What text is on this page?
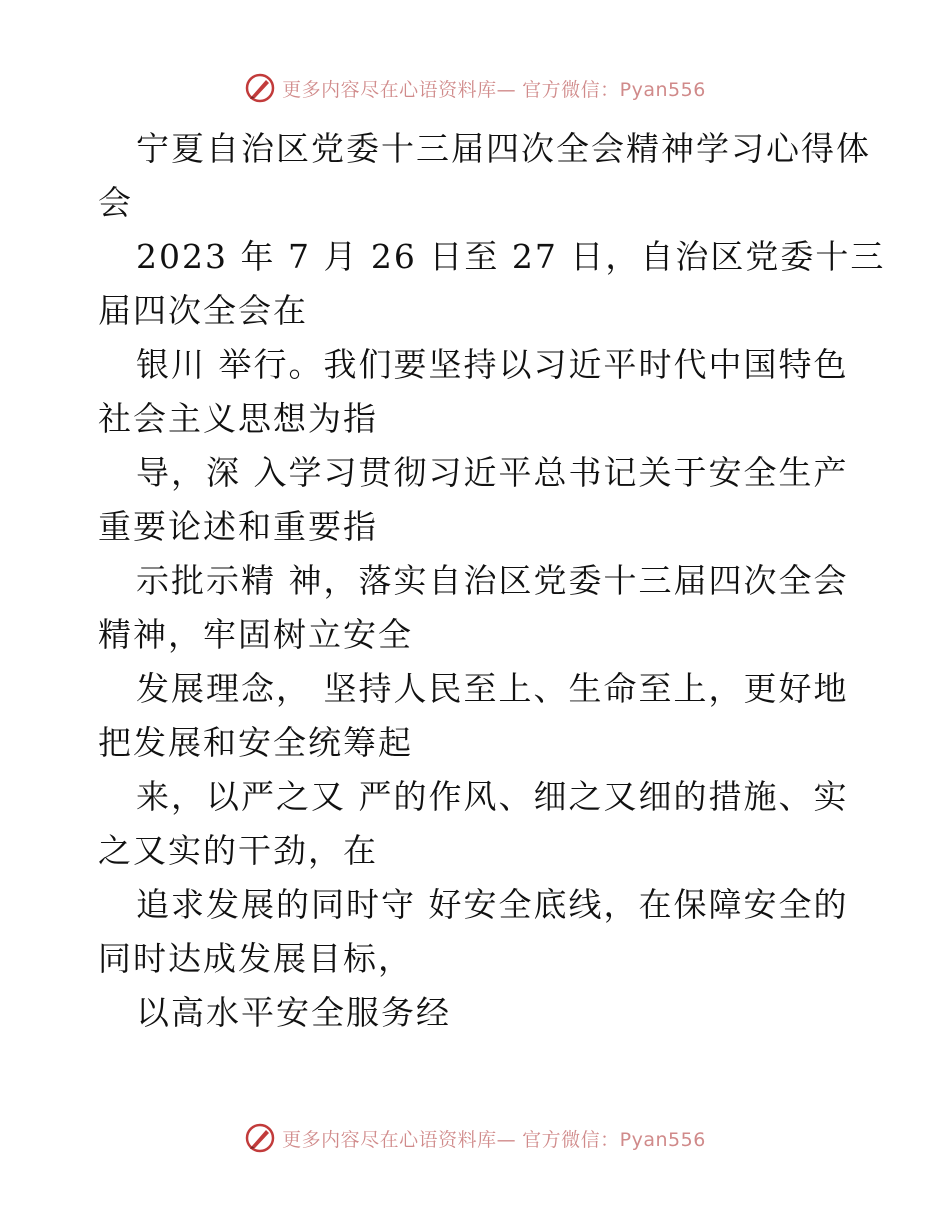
更多内容尽在心语资料库— 官方微信：Pyan556
宁夏自治区党委十三届四次全会精神学习心得体
会
2023 年 7 月 26 日至 27 日，自治区党委十三
届四次全会在
银川 举行。我们要坚持以习近平时代中国特色
社会主义思想为指
导，深 入学习贯彻习近平总书记关于安全生产
重要论述和重要指
示批示精 神，落实自治区党委十三届四次全会
精神，牢固树立安全
发展理念， 坚持人民至上、生命至上，更好地
把发展和安全统筹起
来，以严之又 严的作风、细之又细的措施、实
之又实的干劲，在
追求发展的同时守 好安全底线，在保障安全的
同时达成发展目标，
以高水平安全服务经
更多内容尽在心语资料库— 官方微信：Pyan556
